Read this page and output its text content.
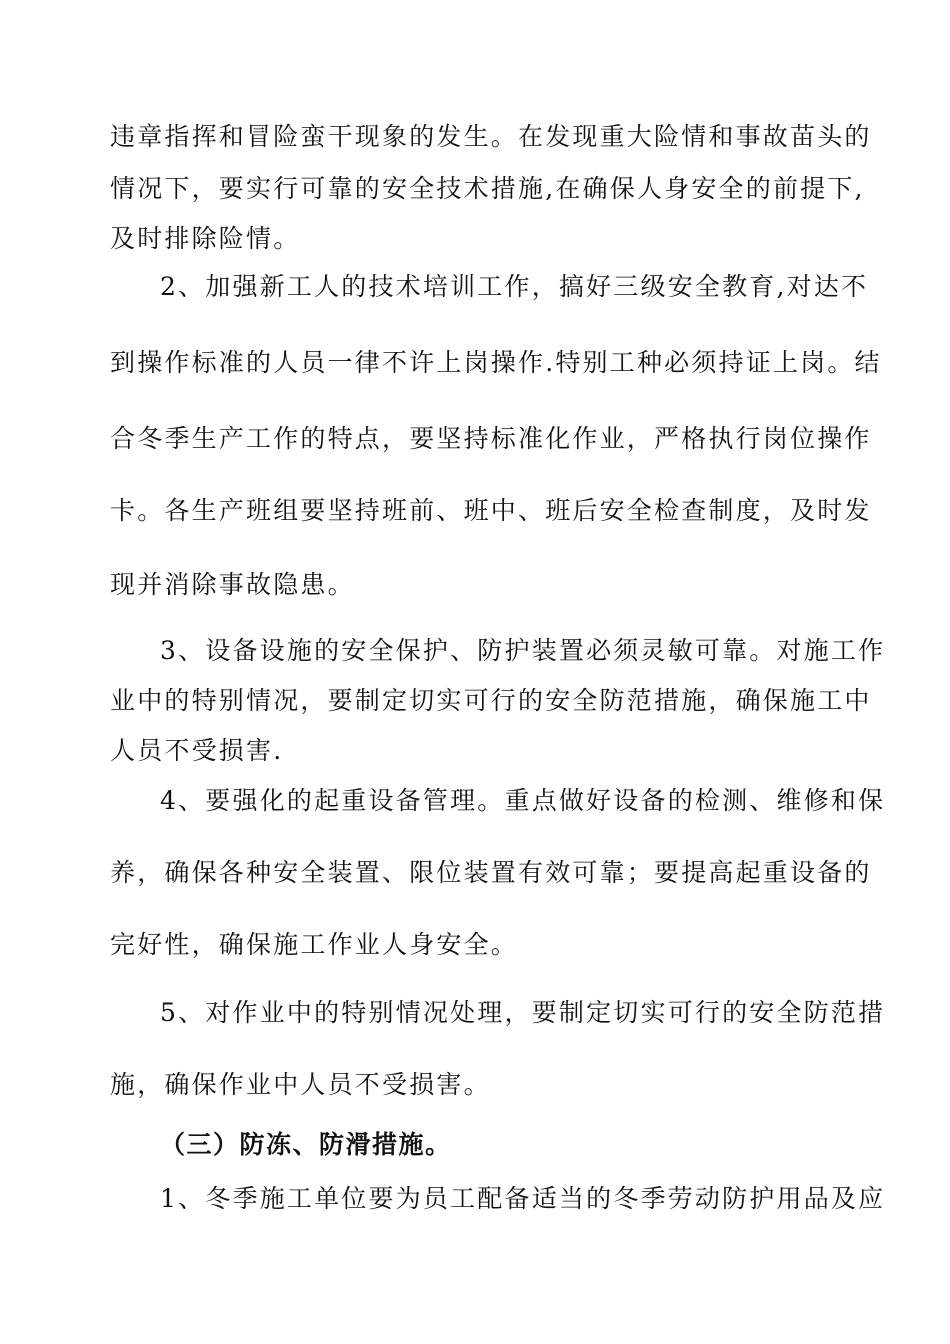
违章指挥和冒险蛮干现象的发生。在发现重大险情和事故苗头的
情况下，要实行可靠的安全技术措施,在确保人身安全的前提下,
及时排除险情。
2、加强新工人的技术培训工作，搞好三级安全教育,对达不
到操作标准的人员一律不许上岗操作.特别工种必须持证上岗。结
合冬季生产工作的特点，要坚持标准化作业，严格执行岗位操作
卡。各生产班组要坚持班前、班中、班后安全检查制度，及时发
现并消除事故隐患。
3、设备设施的安全保护、防护装置必须灵敏可靠。对施工作
业中的特别情况，要制定切实可行的安全防范措施，确保施工中
人员不受损害.
4、要强化的起重设备管理。重点做好设备的检测、维修和保
养，确保各种安全装置、限位装置有效可靠；要提高起重设备的
完好性，确保施工作业人身安全。
5、对作业中的特别情况处理，要制定切实可行的安全防范措
施，确保作业中人员不受损害。
（三）防冻、防滑措施。
1、冬季施工单位要为员工配备适当的冬季劳动防护用品及应
